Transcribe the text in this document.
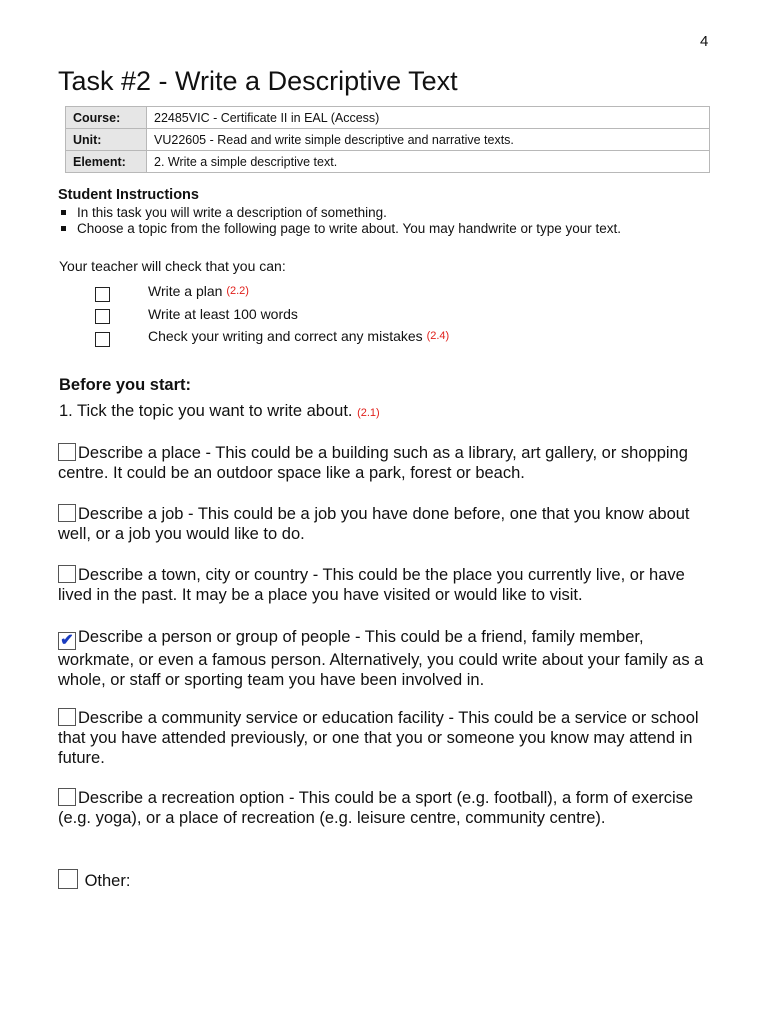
4
Task #2 - Write a Descriptive Text
Course:	22485VIC - Certificate II in EAL (Access)
Unit:	VU22605 - Read and write simple descriptive and narrative texts.
Element:	2. Write a simple descriptive text.
Student Instructions
In this task you will write a description of something.
Choose a topic from the following page to write about. You may handwrite or type your text.
Your teacher will check that you can:
Write a plan
(2.2)
Write at least 100 words
Check your writing and correct any mistakes
(2.4)
Before you start:
1. Tick the topic you want to write about. (2.1)
Describe a place - This could be a building such as a library, art gallery, or shopping centre. It could be an outdoor space like a park, forest or beach.
Describe a job - This could be a job you have done before, one that you know about well, or a job you would like to do.
Describe a town, city or country - This could be the place you currently live, or have lived in the past. It may be a place you have visited or would like to visit.
✔ Describe a person or group of people - This could be a friend, family member, workmate, or even a famous person. Alternatively, you could write about your family as a whole, or staff or sporting team you have been involved in.
Describe a community service or education facility - This could be a service or school that you have attended previously, or one that you or someone you know may attend in future.
Describe a recreation option - This could be a sport (e.g. football), a form of exercise (e.g. yoga), or a place of recreation (e.g. leisure centre, community centre).
Other:
